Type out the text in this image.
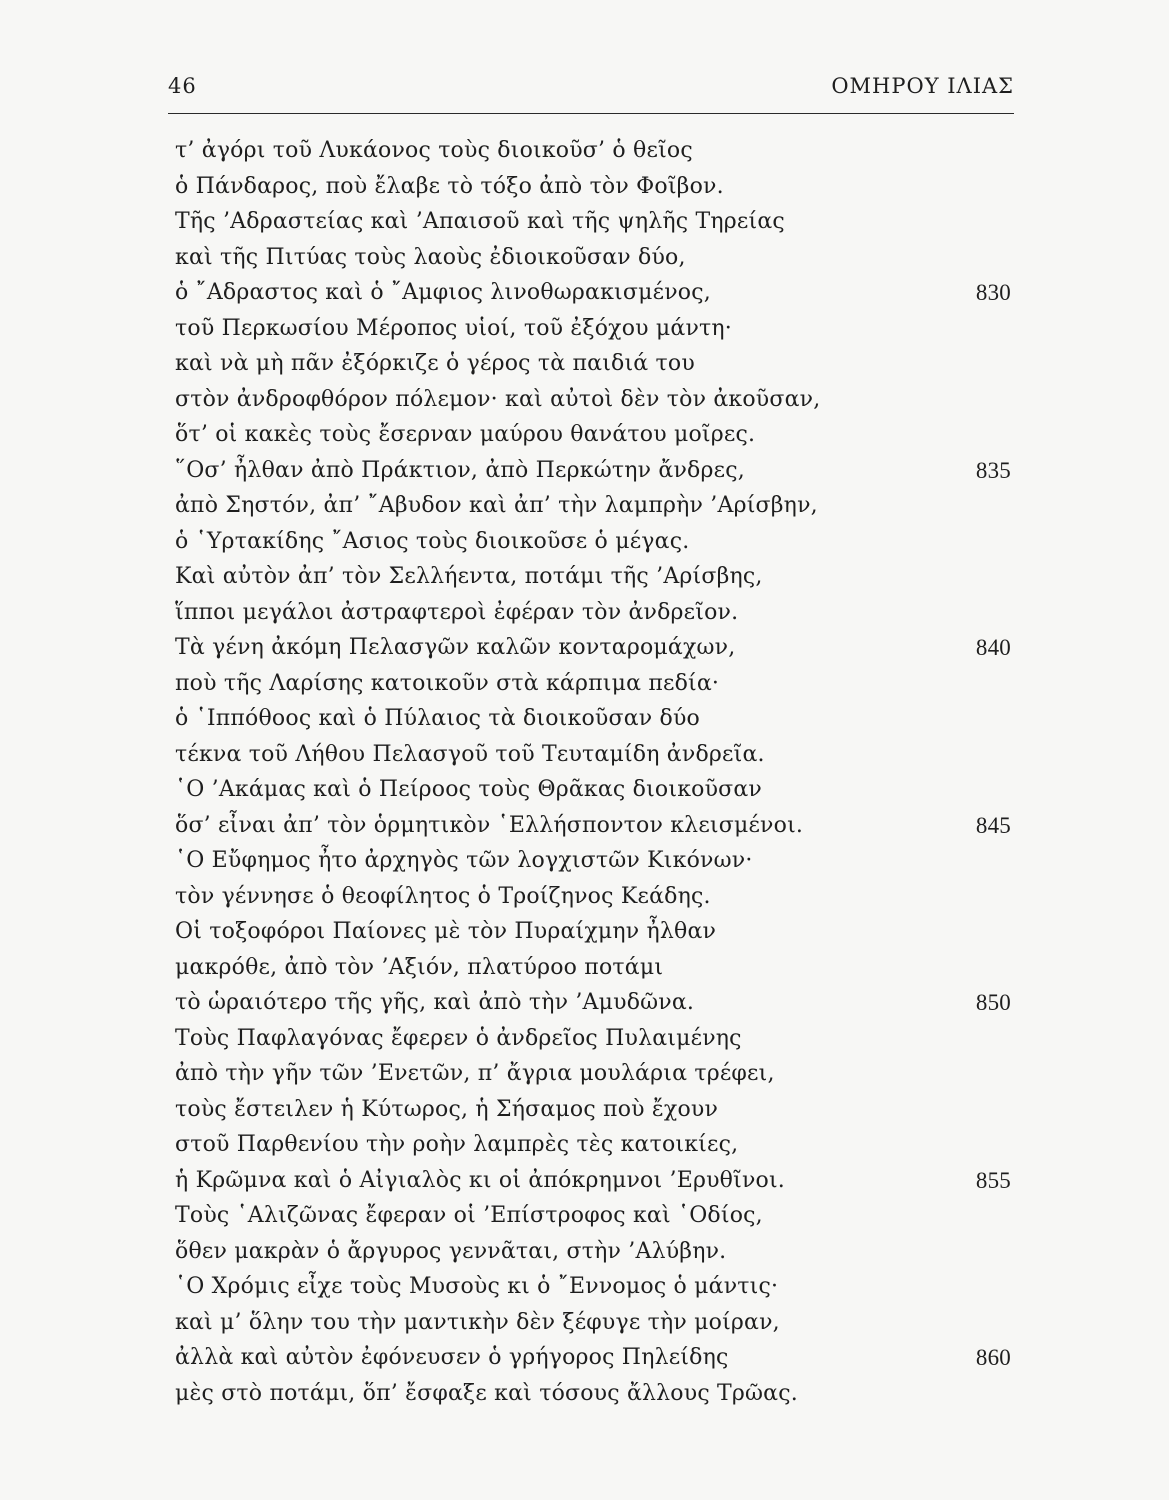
46	ΟΜΗΡΟΥ ΙΛΙΑΣ
τ’ ἀγόρι τοῦ Λυκάονος τοὺς διοικοῦσ’ ὁ θεῖος
ὁ Πάνδαρος, ποὺ ἔλαβε τὸ τόξο ἀπὸ τὸν Φοῖβον.
Τῆς ’Αδραστείας καὶ ’Απαισοῦ καὶ τῆς ψηλῆς Τηρείας
καὶ τῆς Πιτύας τοὺς λαοὺς ἐδιοικοῦσαν δύο,
ὁ ῎Αδραστος καὶ ὁ ῎Αμφιος λινοθωρακισμένος,	830
τοῦ Περκωσίου Μέροπος υἱοί, τοῦ ἐξόχου μάντη·
καὶ νὰ μὴ πᾶν ἐξόρκιζε ὁ γέρος τὰ παιδιά του
στὸν ἀνδροφθόρον πόλεμον· καὶ αὐτοὶ δὲν τὸν ἀκοῦσαν,
ὅτ’ οἱ κακὲς τοὺς ἔσερναν μαύρου θανάτου μοῖρες.
῞Οσ’ ἦλθαν ἀπὸ Πράκτιον, ἀπὸ Περκώτην ἄνδρες,	835
ἀπὸ Σηστόν, ἀπ’ ῎Αβυδον καὶ ἀπ’ τὴν λαμπρὴν ’Αρίσβην,
ὁ ῾Υρτακίδης ῎Ασιος τοὺς διοικοῦσε ὁ μέγας.
Καὶ αὐτὸν ἀπ’ τὸν Σελλήεντα, ποτάμι τῆς ’Αρίσβης,
ἵπποι μεγάλοι ἀστραφτεροὶ ἐφέραν τὸν ἀνδρεῖον.
Τὰ γένη ἀκόμη Πελασγῶν καλῶν κονταρομάχων,	840
ποὺ τῆς Λαρίσης κατοικοῦν στὰ κάρπιμα πεδία·
ὁ ῾Ιππόθοος καὶ ὁ Πύλαιος τὰ διοικοῦσαν δύο
τέκνα τοῦ Λήθου Πελασγοῦ τοῦ Τευταμίδη ἀνδρεῖα.
῾Ο ’Ακάμας καὶ ὁ Πείροος τοὺς Θρᾶκας διοικοῦσαν
ὅσ’ εἶναι ἀπ’ τὸν ὁρμητικὸν ῾Ελλήσποντον κλεισμένοι.	845
῾Ο Εὔφημος ἦτο ἀρχηγὸς τῶν λογχιστῶν Κικόνων·
τὸν γέννησε ὁ θεοφίλητος ὁ Τροίζηνος Κεάδης.
Οἱ τοξοφόροι Παίονες μὲ τὸν Πυραίχμην ἦλθαν
μακρόθε, ἀπὸ τὸν ’Αξιόν, πλατύροο ποτάμι
τὸ ὡραιότερο τῆς γῆς, καὶ ἀπὸ τὴν ’Αμυδῶνα.	850
Τοὺς Παφλαγόνας ἔφερεν ὁ ἀνδρεῖος Πυλαιμένης
ἀπὸ τὴν γῆν τῶν ’Ενετῶν, π’ ἄγρια μουλάρια τρέφει,
τοὺς ἔστειλεν ἡ Κύτωρος, ἡ Σήσαμος ποὺ ἔχουν
στοῦ Παρθενίου τὴν ροὴν λαμπρὲς τὲς κατοικίες,
ἡ Κρῶμνα καὶ ὁ Αἰγιαλὸς κι οἱ ἀπόκρημνοι ’Ερυθῖνοι.	855
Τοὺς ῾Αλιζῶνας ἔφεραν οἱ ’Επίστροφος καὶ ῾Οδίος,
ὅθεν μακρὰν ὁ ἄργυρος γεννᾶται, στὴν ’Αλύβην.
῾Ο Χρόμις εἶχε τοὺς Μυσοὺς κι ὁ ῎Εννομος ὁ μάντις·
καὶ μ’ ὅλην του τὴν μαντικὴν δὲν ξέφυγε τὴν μοίραν,
ἀλλὰ καὶ αὐτὸν ἐφόνευσεν ὁ γρήγορος Πηλείδης	860
μὲς στὸ ποτάμι, ὅπ’ ἔσφαξε καὶ τόσους ἄλλους Τρῶας.
